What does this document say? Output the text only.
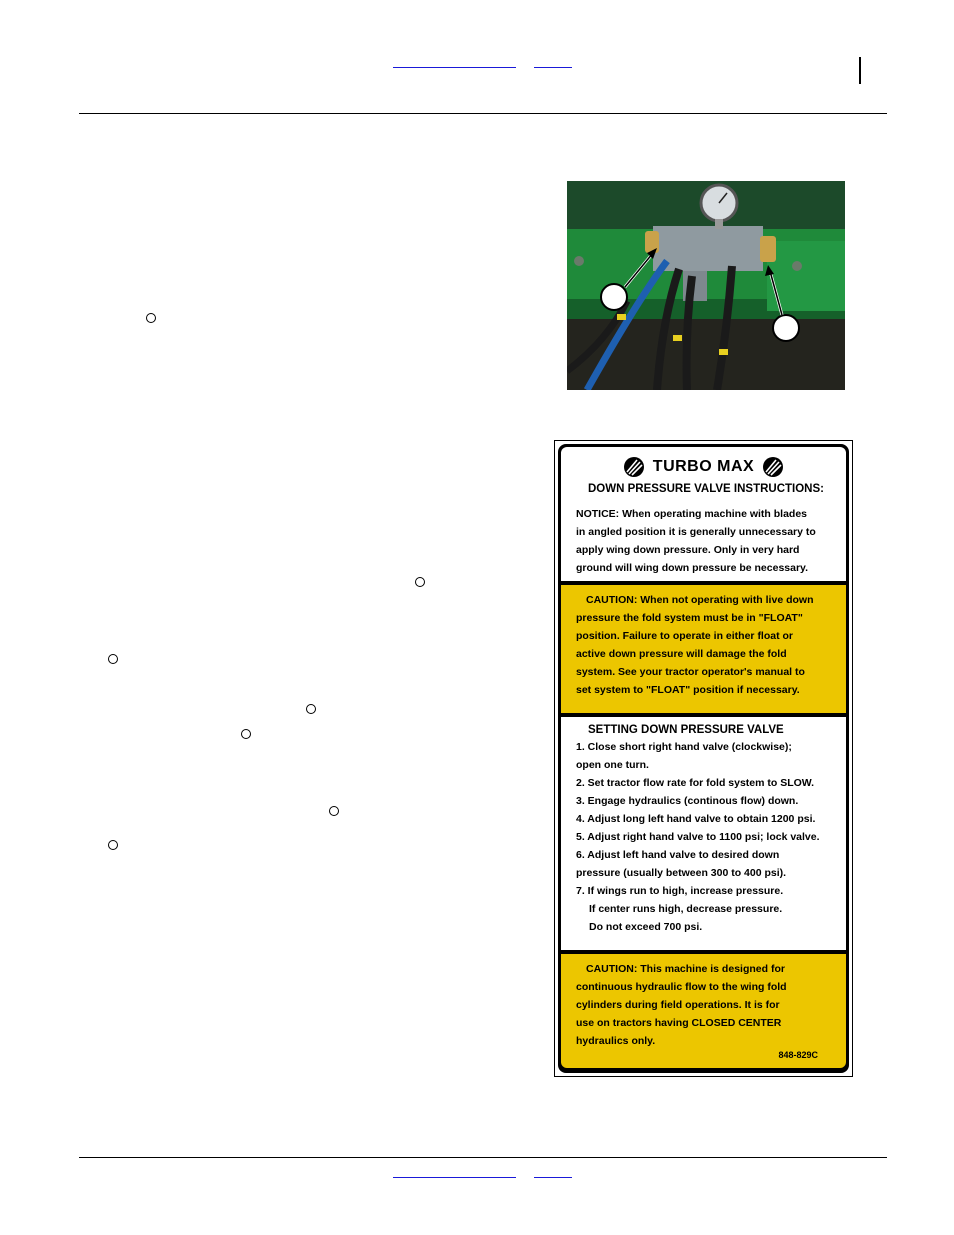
TURBO MAX
DOWN PRESSURE VALVE INSTRUCTIONS:
NOTICE: When operating machine with blades
in angled position it is generally unnecessary to
apply wing down pressure. Only in very hard
ground will wing down pressure be necessary.
CAUTION: When not operating with live down
pressure the fold system must be in "FLOAT"
position. Failure to operate in either float or
active down pressure will damage the fold
system. See your tractor operator's manual to
set system to "FLOAT" position if necessary.
SETTING DOWN PRESSURE VALVE
1. Close short right hand valve (clockwise);
open one turn.
2. Set tractor flow rate for fold system to SLOW.
3. Engage hydraulics (continous flow) down.
4. Adjust long left hand valve to obtain 1200 psi.
5. Adjust right hand valve to 1100 psi; lock valve.
6. Adjust left hand valve to desired down
pressure (usually between 300 to 400 psi).
7. If wings run to high, increase pressure.
If center runs high, decrease pressure.
Do not exceed 700 psi.
CAUTION: This machine is designed for
continuous hydraulic flow to the wing fold
cylinders during field operations. It is for
use on tractors having CLOSED CENTER
hydraulics only.
848-829C
